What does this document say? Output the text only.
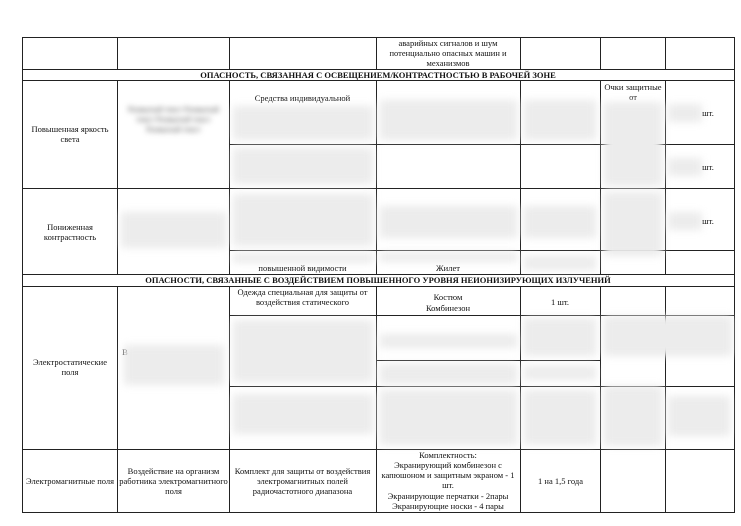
аварийных сигналов и шум потенциально опасных машин и механизмов
ОПАСНОСТЬ, СВЯЗАННАЯ С ОСВЕЩЕНИЕМ/КОНТРАСТНОСТЬЮ В РАБОЧЕЙ ЗОНЕ
Повышенная яркость света
Размытый текст Размытый текст Размытый текст Размытый текст
Средства индивидуальной
Очки защитные от
шт.
шт.
Пониженная контрастность
шт.
повышенной видимости	Жилет
ОПАСНОСТИ, СВЯЗАННЫЕ С ВОЗДЕЙСТВИЕМ ПОВЫШЕННОГО УРОВНЯ НЕИОНИЗИРУЮЩИХ ИЗЛУЧЕНИЙ
Электростатические поля
Одежда специальная для защиты от воздействия статического	Костюм
Комбинезон
1 шт.
Электромагнитные поля
Воздействие на организм работника электромагнитного поля
Комплект для защиты от воздействия электромагнитных полей радиочастотного диапазона
Комплектность:
Экранирующий комбинезон с капюшоном и защитным экраном - 1 шт.
Экранирующие перчатки - 2пары
Экранирующие носки - 4 пары
1 на 1,5 года
